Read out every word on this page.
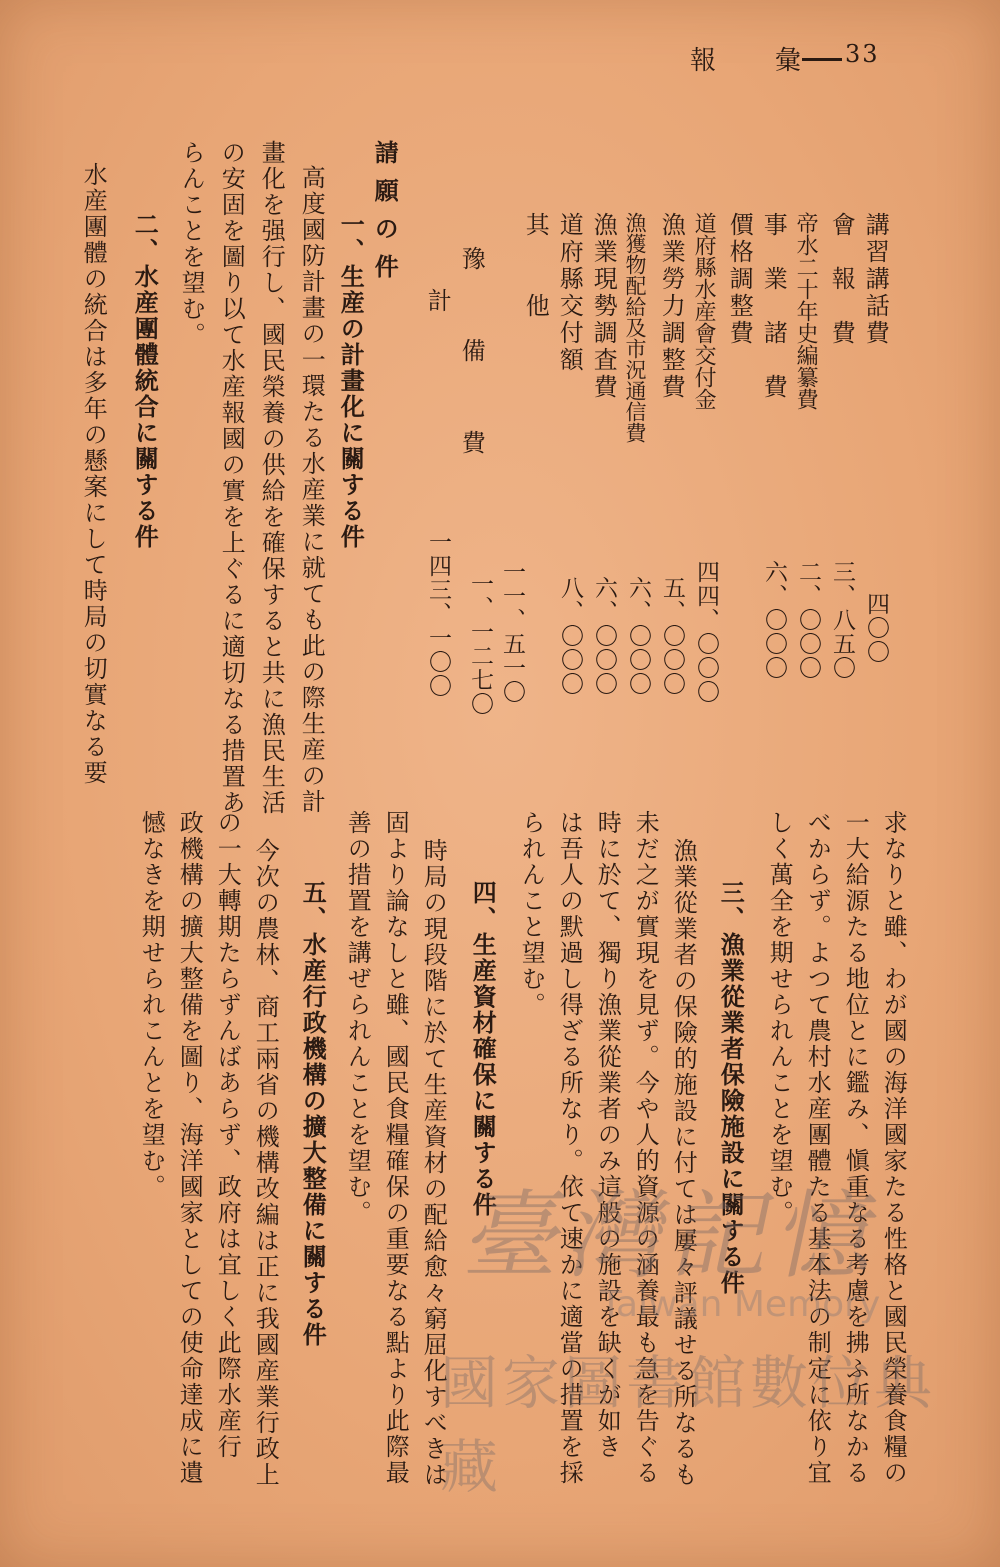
報 彙 33
講習講話費
四〇〇
會　報　費
三、八五〇
帝水二十年史編纂費
二、〇〇〇
事　業　諸　費
六、〇〇〇
價格調整費
四四、〇〇〇
道府縣水産會交付金
五、〇〇〇
漁業勞力調整費
六、〇〇〇
漁獲物配給及市況通信費
六、〇〇〇
漁業現勢調査費
八、〇〇〇
道府縣交付額
一一、五一〇
其　　他
一、一二七〇
豫　備　費
計
一四三、一〇〇
請願の件
一、生産の計畫化に關する件
高度國防計畫の一環たる水産業に就ても此の際生産の計
畫化を强行し、國民榮養の供給を確保すると共に漁民生活
の安固を圖り以て水産報國の實を上ぐるに適切なる措置あ
らんことを望む。
二、水産團體統合に關する件
水産團體の統合は多年の懸案にして時局の切實なる要
求なりと雖、わが國の海洋國家たる性格と國民榮養食糧の
一大給源たる地位とに鑑み、愼重なる考慮を拂ふ所なかる
べからず。よつて農村水産團體たる基本法の制定に依り宜
しく萬全を期せられんことを望む。
三、漁業從業者保險施設に關する件
漁業從業者の保險的施設に付ては屢々評議せる所なるも
未だ之が實現を見ず。今や人的資源の涵養最も急を告ぐる
時に於て、獨り漁業從業者のみ這般の施設を缺くが如き
は吾人の默過し得ざる所なり。依て速かに適當の措置を採
られんこと望む。
四、生産資材確保に關する件
時局の現段階に於て生産資材の配給愈々窮屈化すべきは
固より論なしと雖、國民食糧確保の重要なる點より此際最
善の措置を講ぜられんことを望む。
五、水産行政機構の擴大整備に關する件
今次の農林、商工兩省の機構改編は正に我國産業行政上
の一大轉期たらずんばあらず、政府は宜しく此際水産行
政機構の擴大整備を圖り、海洋國家としての使命達成に遺
憾なきを期せられこんとを望む。
臺灣記憶
Taiwan Memory
國家圖書館數位典藏
